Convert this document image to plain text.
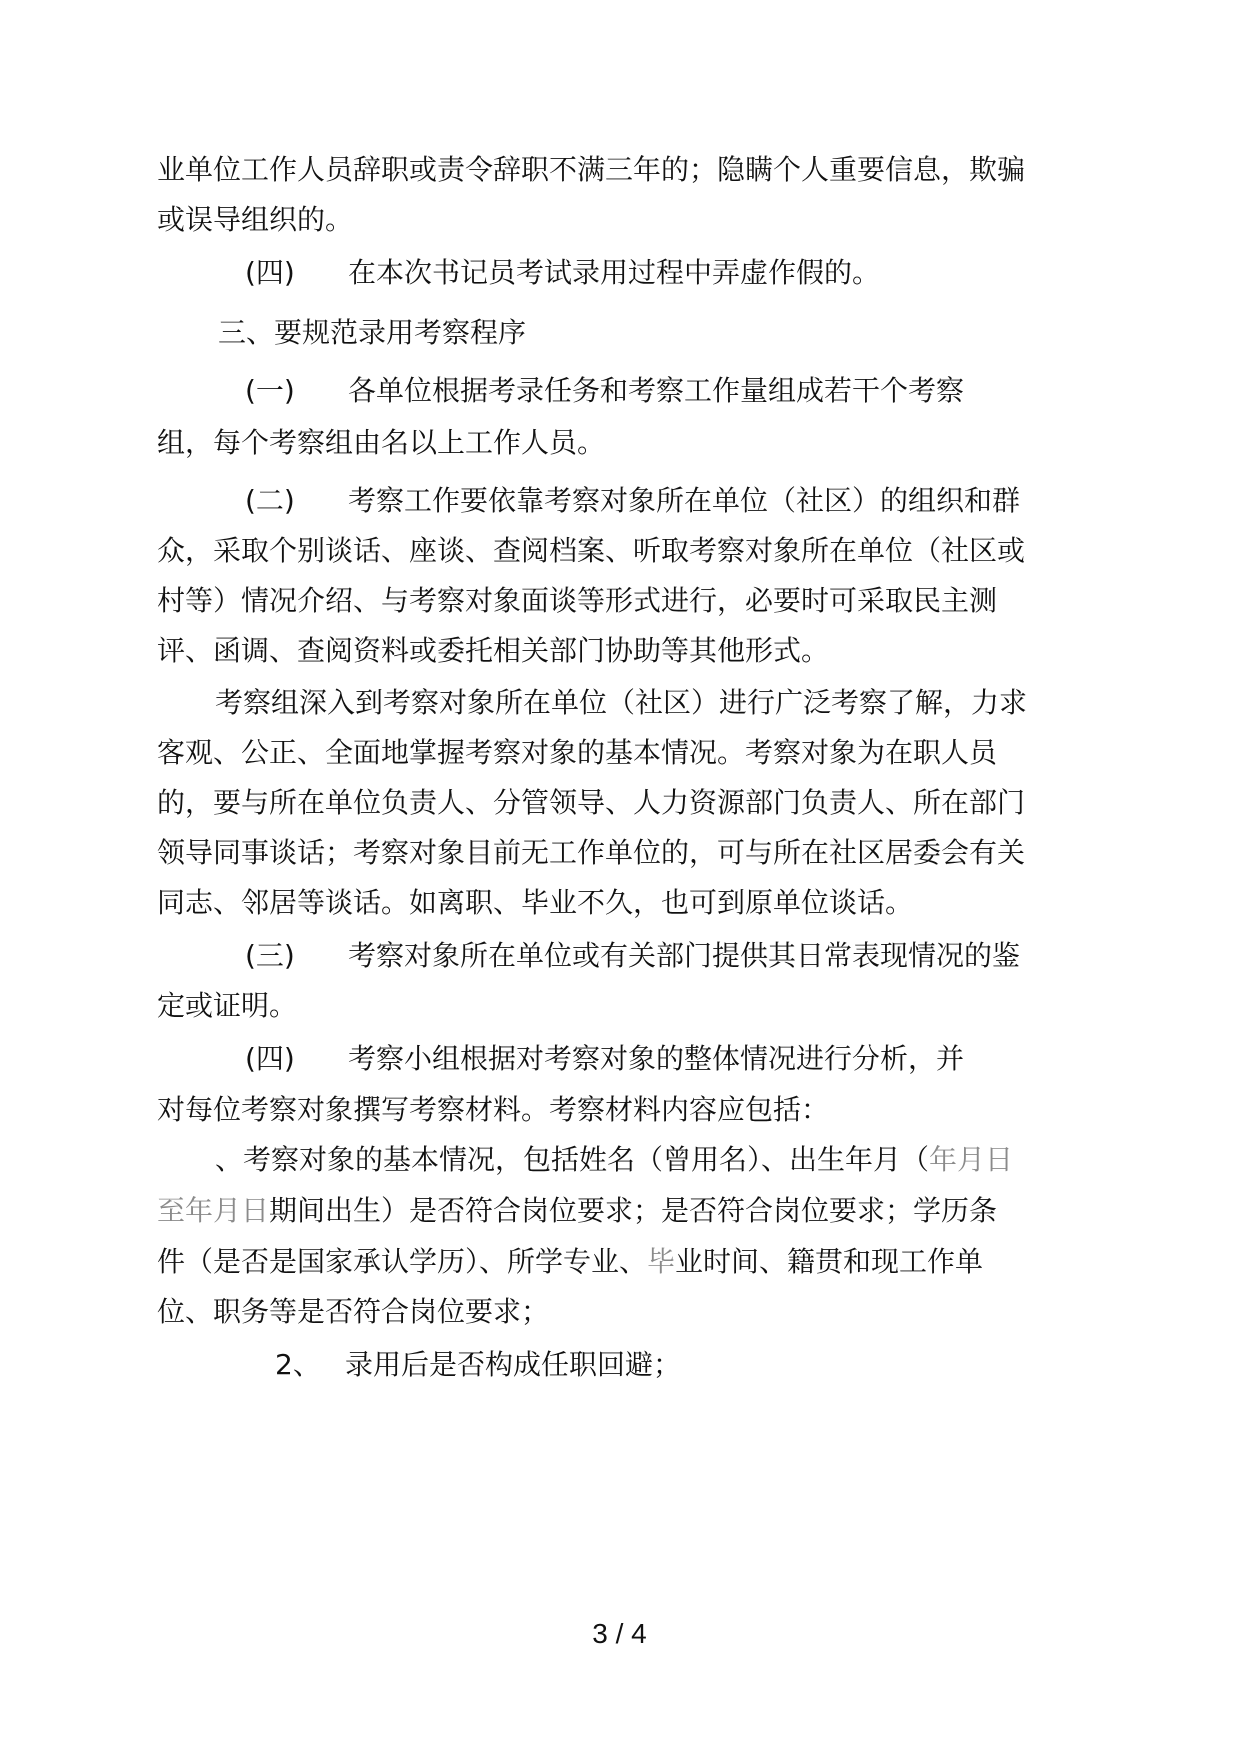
业单位工作人员辞职或责令辞职不满三年的；隐瞒个人重要信息，欺骗
或误导组织的。
(四) 在本次书记员考试录用过程中弄虚作假的。
三、要规范录用考察程序
(一) 各单位根据考录任务和考察工作量组成若干个考察
组，每个考察组由名以上工作人员。
(二) 考察工作要依靠考察对象所在单位（社区）的组织和群
众，采取个别谈话、座谈、查阅档案、听取考察对象所在单位（社区或
村等）情况介绍、与考察对象面谈等形式进行，必要时可采取民主测
评、函调、查阅资料或委托相关部门协助等其他形式。
考察组深入到考察对象所在单位（社区）进行广泛考察了解，力求
客观、公正、全面地掌握考察对象的基本情况。考察对象为在职人员
的，要与所在单位负责人、分管领导、人力资源部门负责人、所在部门
领导同事谈话；考察对象目前无工作单位的，可与所在社区居委会有关
同志、邻居等谈话。如离职、毕业不久，也可到原单位谈话。
(三) 考察对象所在单位或有关部门提供其日常表现情况的鉴
定或证明。
(四) 考察小组根据对考察对象的整体情况进行分析，并
对每位考察对象撰写考察材料。考察材料内容应包括：
、考察对象的基本情况，包括姓名（曾用名）、出生年月（年月日
至年月日期间出生）是否符合岗位要求；是否符合岗位要求；学历条
件（是否是国家承认学历）、所学专业、毕业时间、籍贯和现工作单
位、职务等是否符合岗位要求；
2、 录用后是否构成任职回避；
3 / 4
